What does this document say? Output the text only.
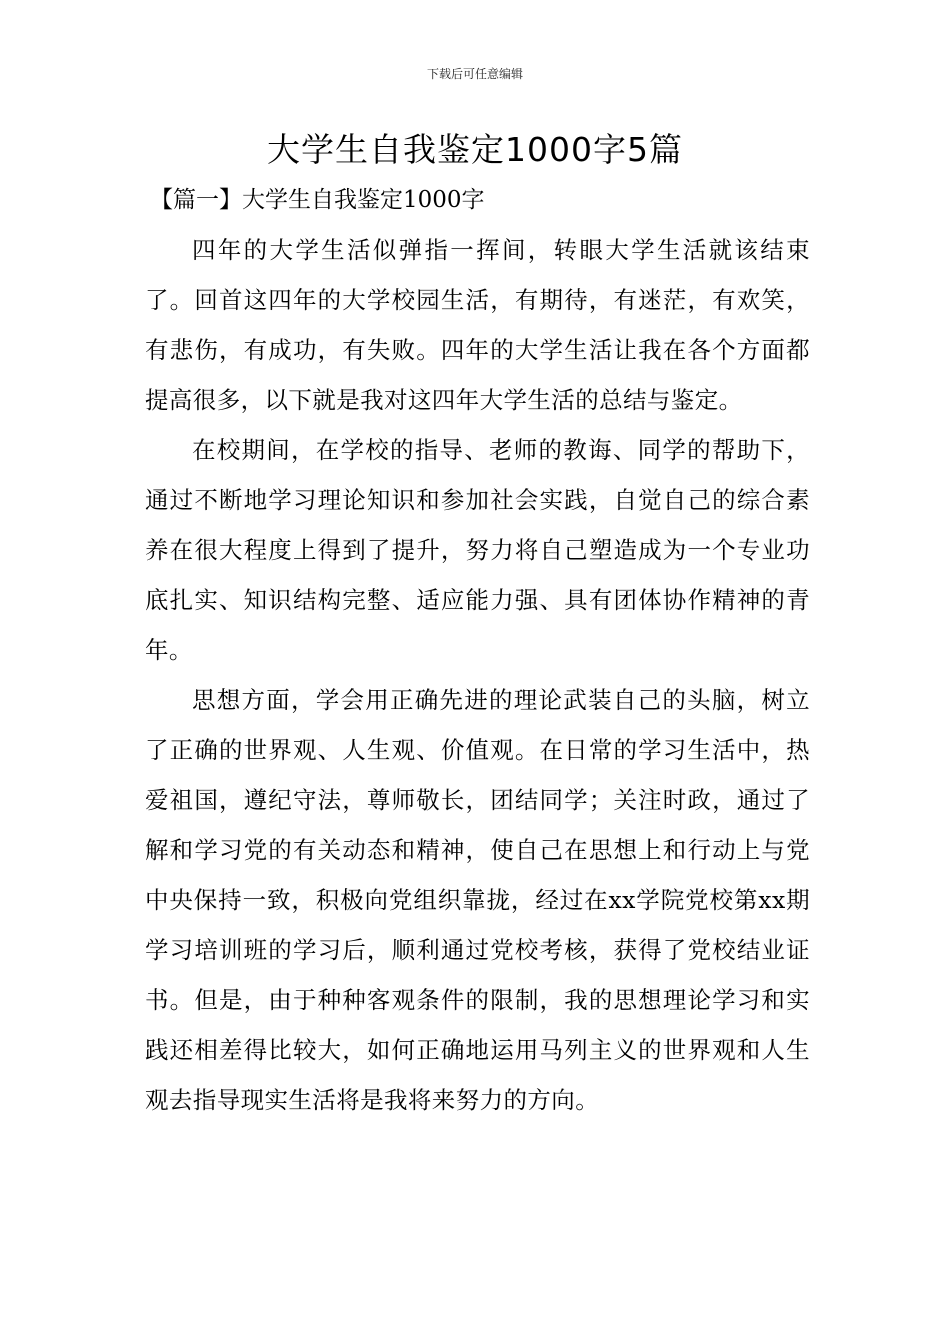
下载后可任意编辑
大学生自我鉴定1000字5篇
【篇一】大学生自我鉴定1000字

四年的大学生活似弹指一挥间，转眼大学生活就该结束了。回首这四年的大学校园生活，有期待，有迷茫，有欢笑，有悲伤，有成功，有失败。四年的大学生活让我在各个方面都提高很多，以下就是我对这四年大学生活的总结与鉴定。

在校期间，在学校的指导、老师的教诲、同学的帮助下，通过不断地学习理论知识和参加社会实践，自觉自己的综合素养在很大程度上得到了提升，努力将自己塑造成为一个专业功底扎实、知识结构完整、适应能力强、具有团体协作精神的青年。

思想方面，学会用正确先进的理论武装自己的头脑，树立了正确的世界观、人生观、价值观。在日常的学习生活中，热爱祖国，遵纪守法，尊师敬长，团结同学；关注时政，通过了解和学习党的有关动态和精神，使自己在思想上和行动上与党中央保持一致，积极向党组织靠拢，经过在xx学院党校第xx期学习培训班的学习后，顺利通过党校考核，获得了党校结业证书。但是，由于种种客观条件的限制，我的思想理论学习和实践还相差得比较大，如何正确地运用马列主义的世界观和人生观去指导现实生活将是我将来努力的方向。
